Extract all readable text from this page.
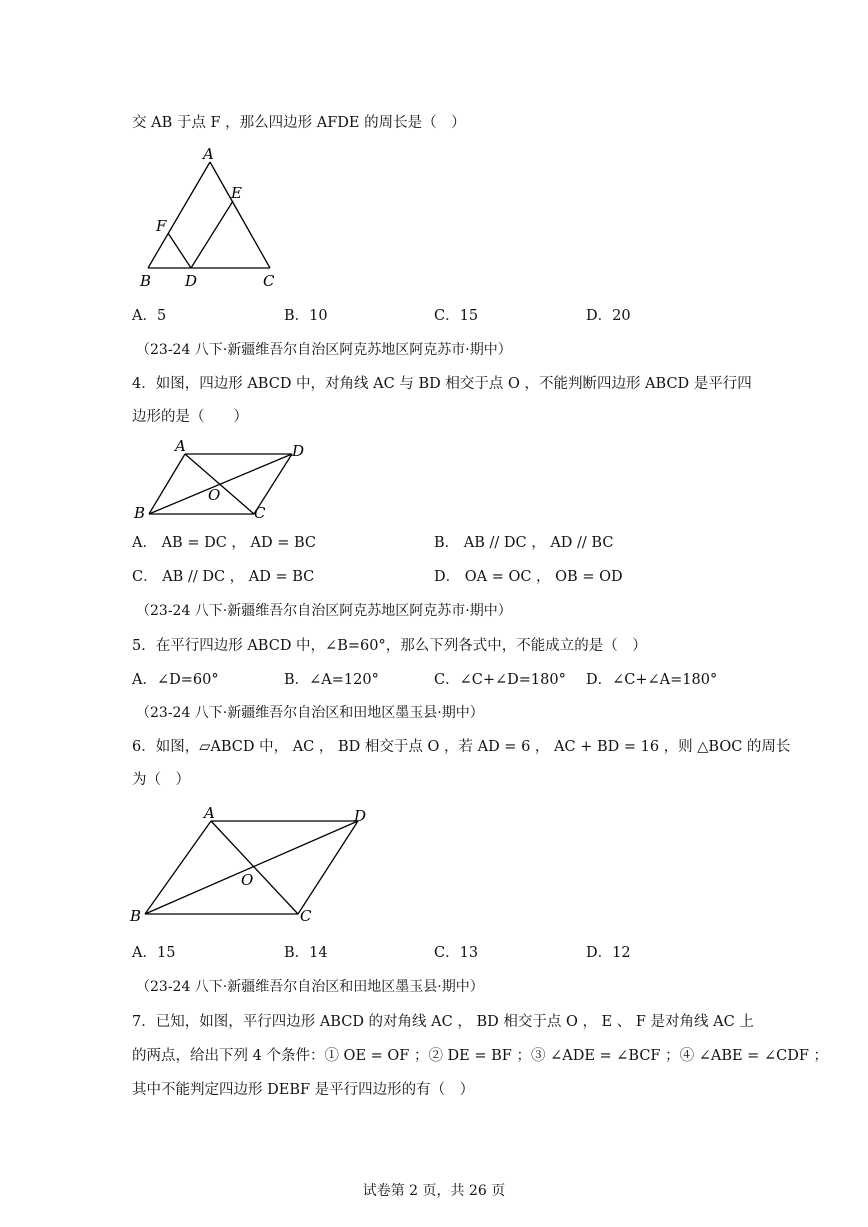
交 AB 于点 F ，那么四边形 AFDE 的周长是（　）
A
E
F
B D	C
A．5	B．10	C．15	D．20
（23-24 八下·新疆维吾尔自治区阿克苏地区阿克苏市·期中）
4．如图，四边形 ABCD 中，对角线 AC 与 BD 相交于点 O ，不能判断四边形 ABCD 是平行四
边形的是（　　）
A	D
O
B	C
A． AB = DC ， AD = BC	B． AB // DC ， AD // BC
C． AB // DC ， AD = BC	D． OA = OC ， OB = OD
（23-24 八下·新疆维吾尔自治区阿克苏地区阿克苏市·期中）
5．在平行四边形 ABCD 中，∠B=60°，那么下列各式中，不能成立的是（　）
A．∠D=60°	B．∠A=120°	C．∠C+∠D=180° D．∠C+∠A=180°
（23-24 八下·新疆维吾尔自治区和田地区墨玉县·期中）
6．如图，▱ABCD 中， AC ， BD 相交于点 O ，若 AD = 6 ， AC + BD = 16 ，则 △BOC 的周长
为（　）
A	D
O
B	C
A．15	B．14	C．13	D．12
（23-24 八下·新疆维吾尔自治区和田地区墨玉县·期中）
7．已知，如图，平行四边形 ABCD 的对角线 AC ， BD 相交于点 O ， E 、 F 是对角线 AC 上
的两点，给出下列 4 个条件：① OE = OF ；② DE = BF ；③ ∠ADE = ∠BCF ；④ ∠ABE = ∠CDF ；
其中不能判定四边形 DEBF 是平行四边形的有（　）
试卷第 2 页，共 26 页
